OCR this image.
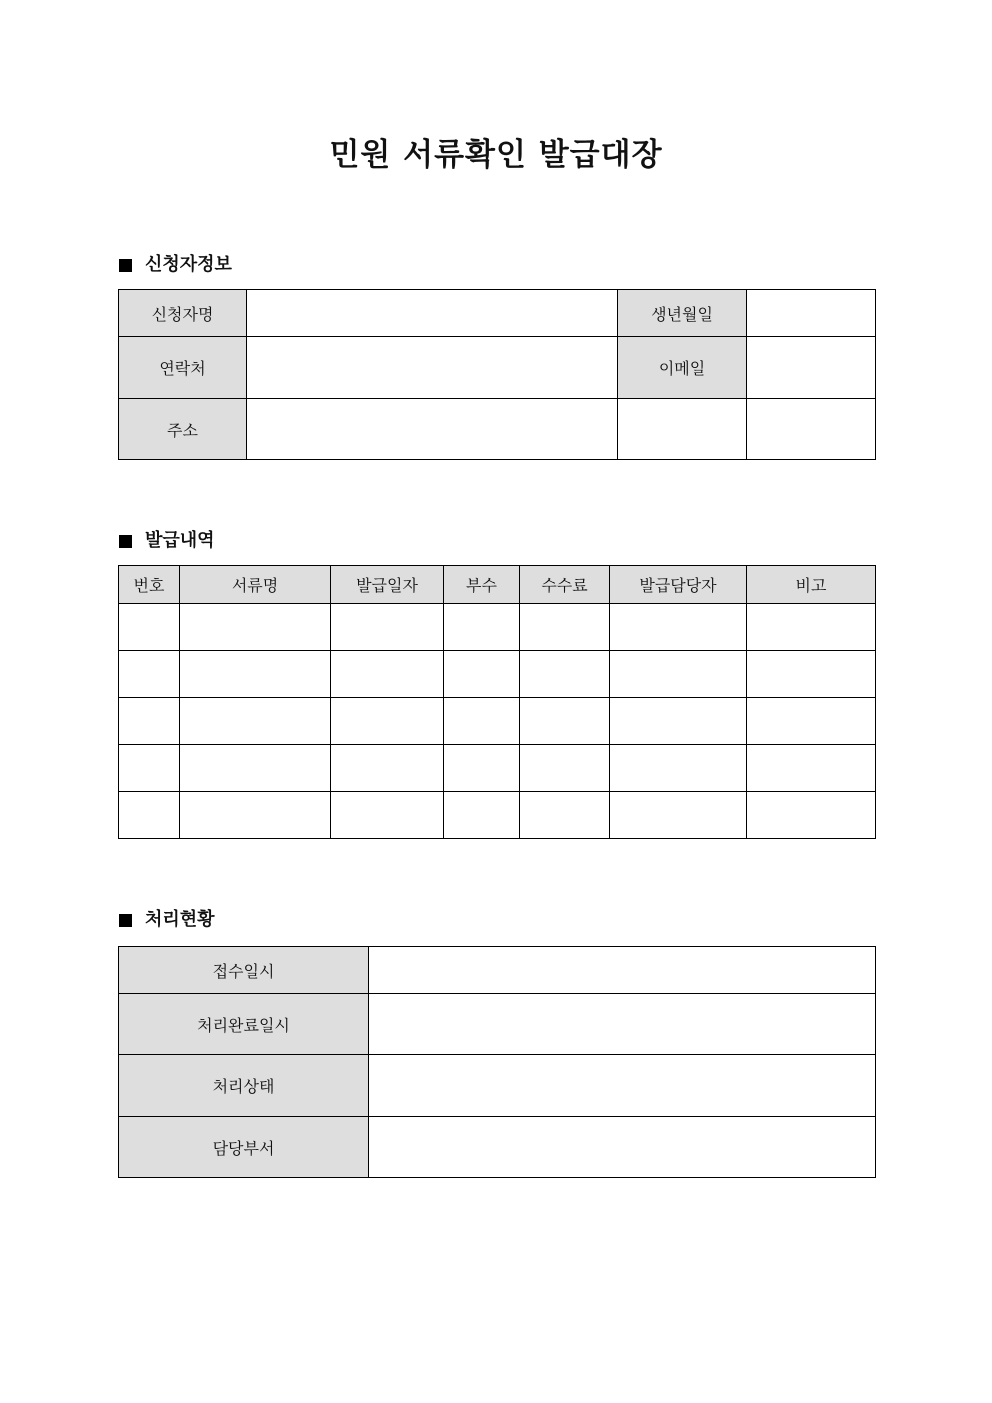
민원 서류확인 발급대장
신청자정보
신청자명		생년월일	
연락처		이메일	
주소			
발급내역
번호	서류명	발급일자	부수	수수료	발급담당자	비고

처리현황
접수일시	
처리완료일시	
처리상태	
담당부서	
